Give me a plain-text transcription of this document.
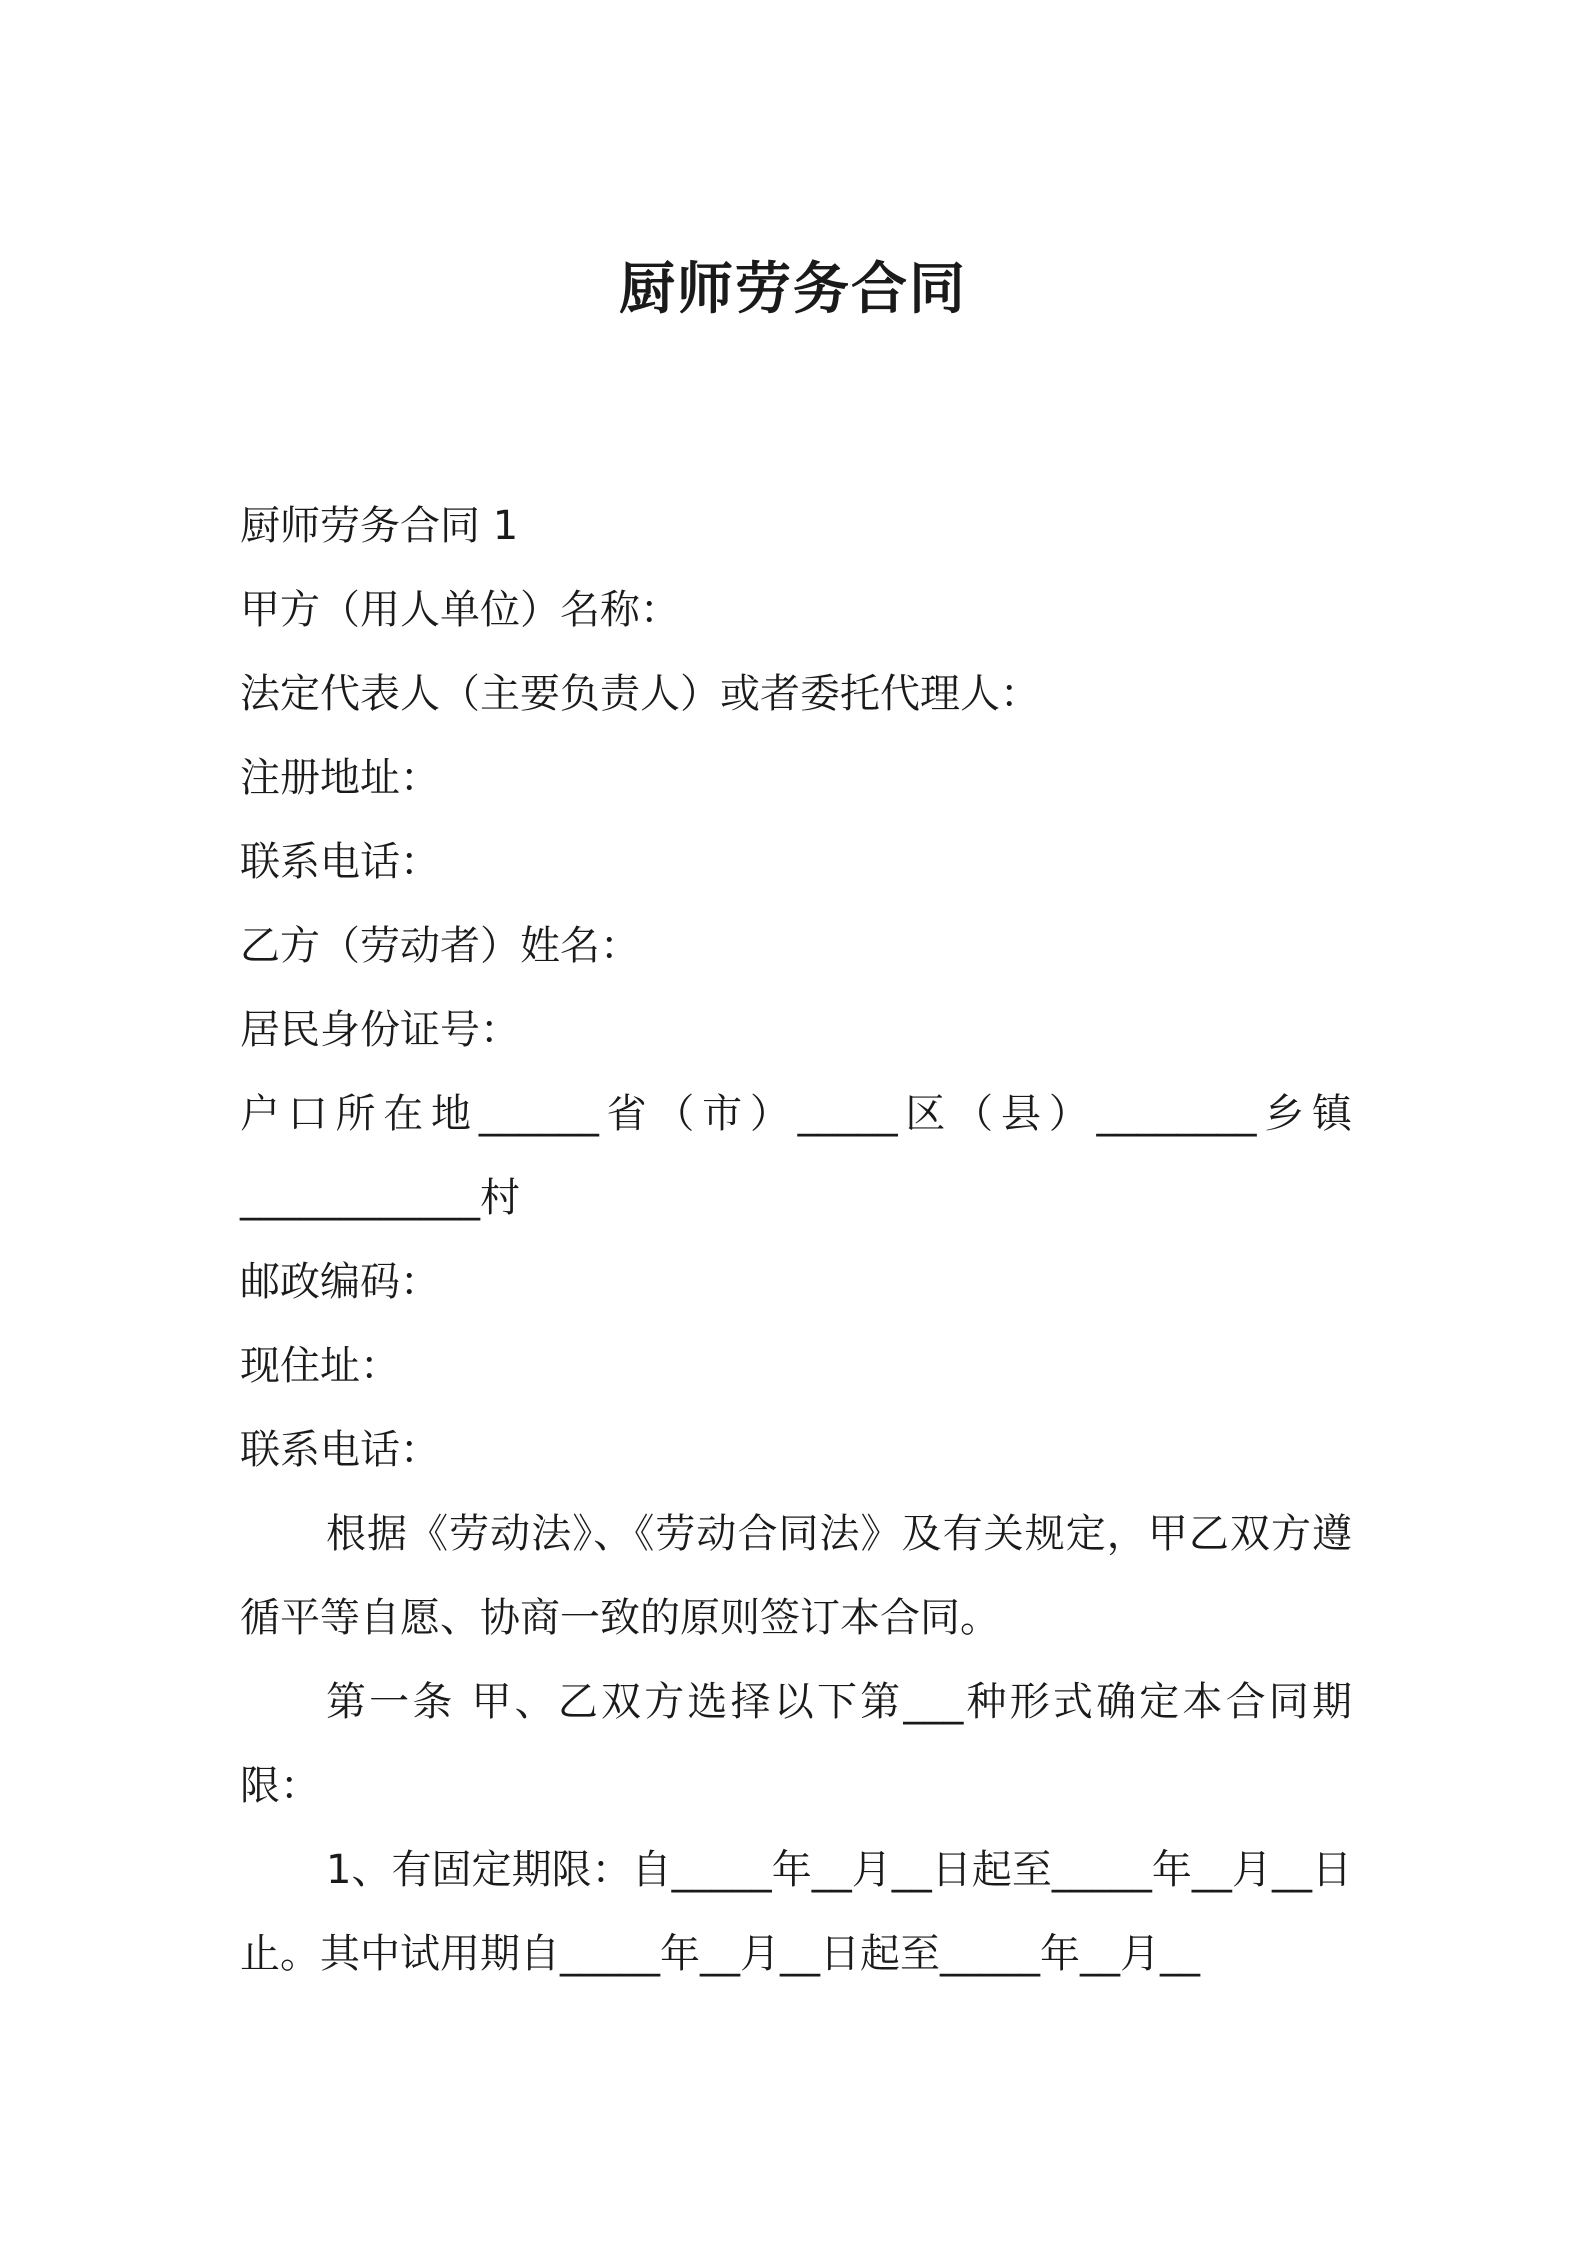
厨师劳务合同

厨师劳务合同 1

甲方（用人单位）名称：

法定代表人（主要负责人）或者委托代理人：

注册地址：

联系电话：

乙方（劳动者）姓名：

居民身份证号：

户口所在地______省（市）_____区（县）________乡镇

____________村

邮政编码：

现住址：

联系电话：

根据《劳动法》、《劳动合同法》及有关规定，甲乙双方遵循平等自愿、协商一致的原则签订本合同。

第一条 甲、乙双方选择以下第___种形式确定本合同期限：

1、有固定期限：自_____年__月__日起至_____年__月__日止。其中试用期自_____年__月__日起至_____年__月__
